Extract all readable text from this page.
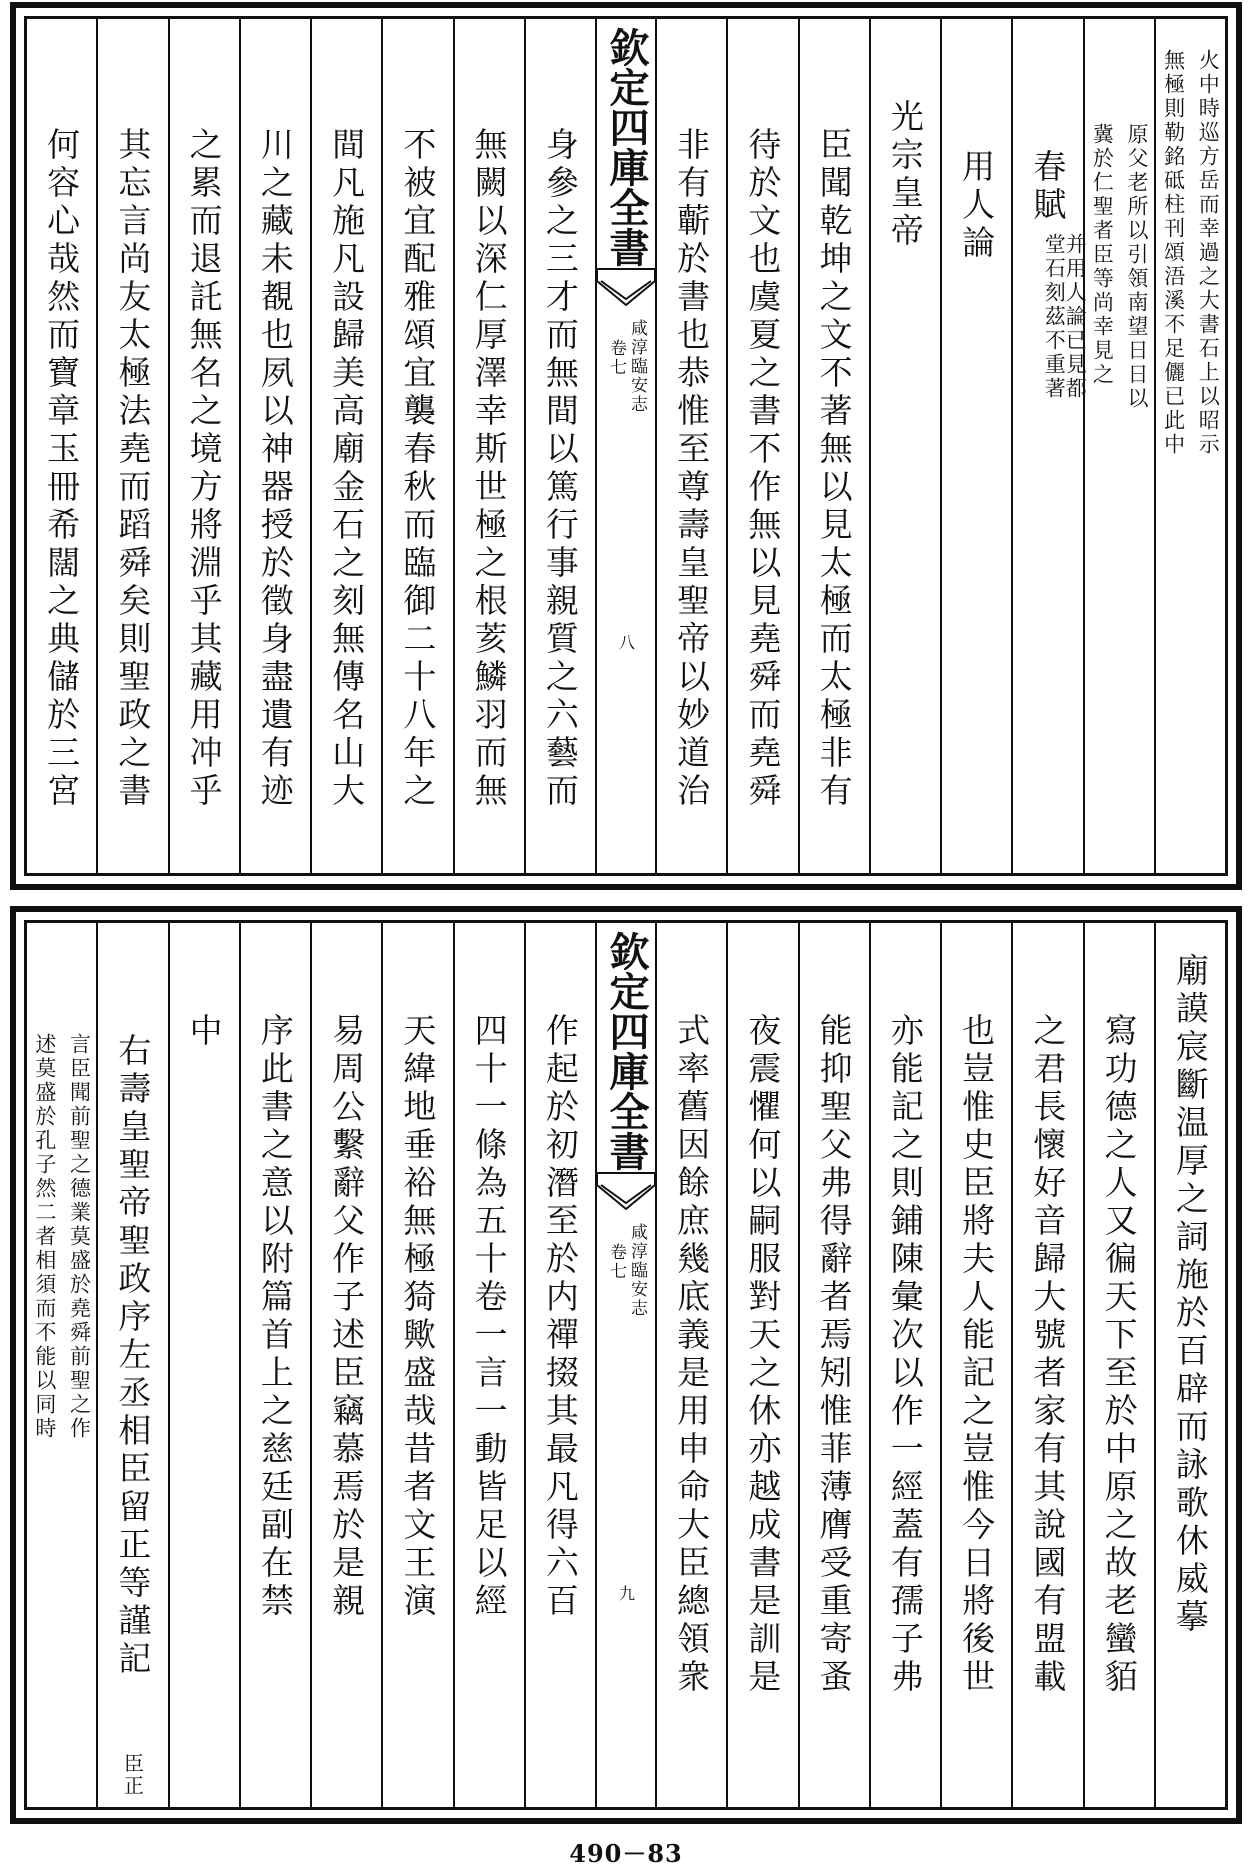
火中時巡方岳而幸過之大書石上以昭示
無極則勒銘砥柱刊頌浯溪不足儷已此中
原父老所以引領南望日日以
冀於仁聖者臣等尚幸見之
春賦
并用人論已見都
堂石刻茲不重著
用人論
光宗皇帝
臣聞乾坤之文不著無以見太極而太極非有
待於文也虞夏之書不作無以見堯舜而堯舜
非有蘄於書也恭惟至尊壽皇聖帝以妙道治
欽定四庫全書
咸淳臨安志
卷七
八
身參之三才而無間以篤行事親質之六藝而
無闕以深仁厚澤幸斯世極之根荄鱗羽而無
不被宜配雅頌宜襲春秋而臨御二十八年之
間凡施凡設歸美高廟金石之刻無傳名山大
川之藏未覩也夙以神器授於徵身盡遺有迹
之累而退託無名之境方將淵乎其藏用冲乎
其忘言尚友太極法堯而蹈舜矣則聖政之書
何容心哉然而寶章玉冊希闊之典儲於三宮
廟謨宸斷温厚之詞施於百辟而詠歌休威摹
寫功德之人又徧天下至於中原之故老蠻貊
之君長懷好音歸大號者家有其說國有盟載
也豈惟史臣將夫人能記之豈惟今日將後世
亦能記之則鋪陳彙次以作一經蓋有孺子弗
能抑聖父弗得辭者焉矧惟菲薄膺受重寄蚤
夜震懼何以嗣服對天之休亦越成書是訓是
式率舊因餘庶幾底義是用申命大臣總領衆
欽定四庫全書
咸淳臨安志
卷七
九
作起於初潛至於内禪掇其最凡得六百
四十一條為五十卷一言一動皆足以經
天緯地垂裕無極猗歟盛哉昔者文王演
易周公繫辭父作子述臣竊慕焉於是親
序此書之意以附篇首上之慈廷副在禁
中
右壽皇聖帝聖政序左丞相臣留正等謹記
臣正
言臣聞前聖之德業莫盛於堯舜前聖之作
述莫盛於孔子然二者相須而不能以同時
490－83
